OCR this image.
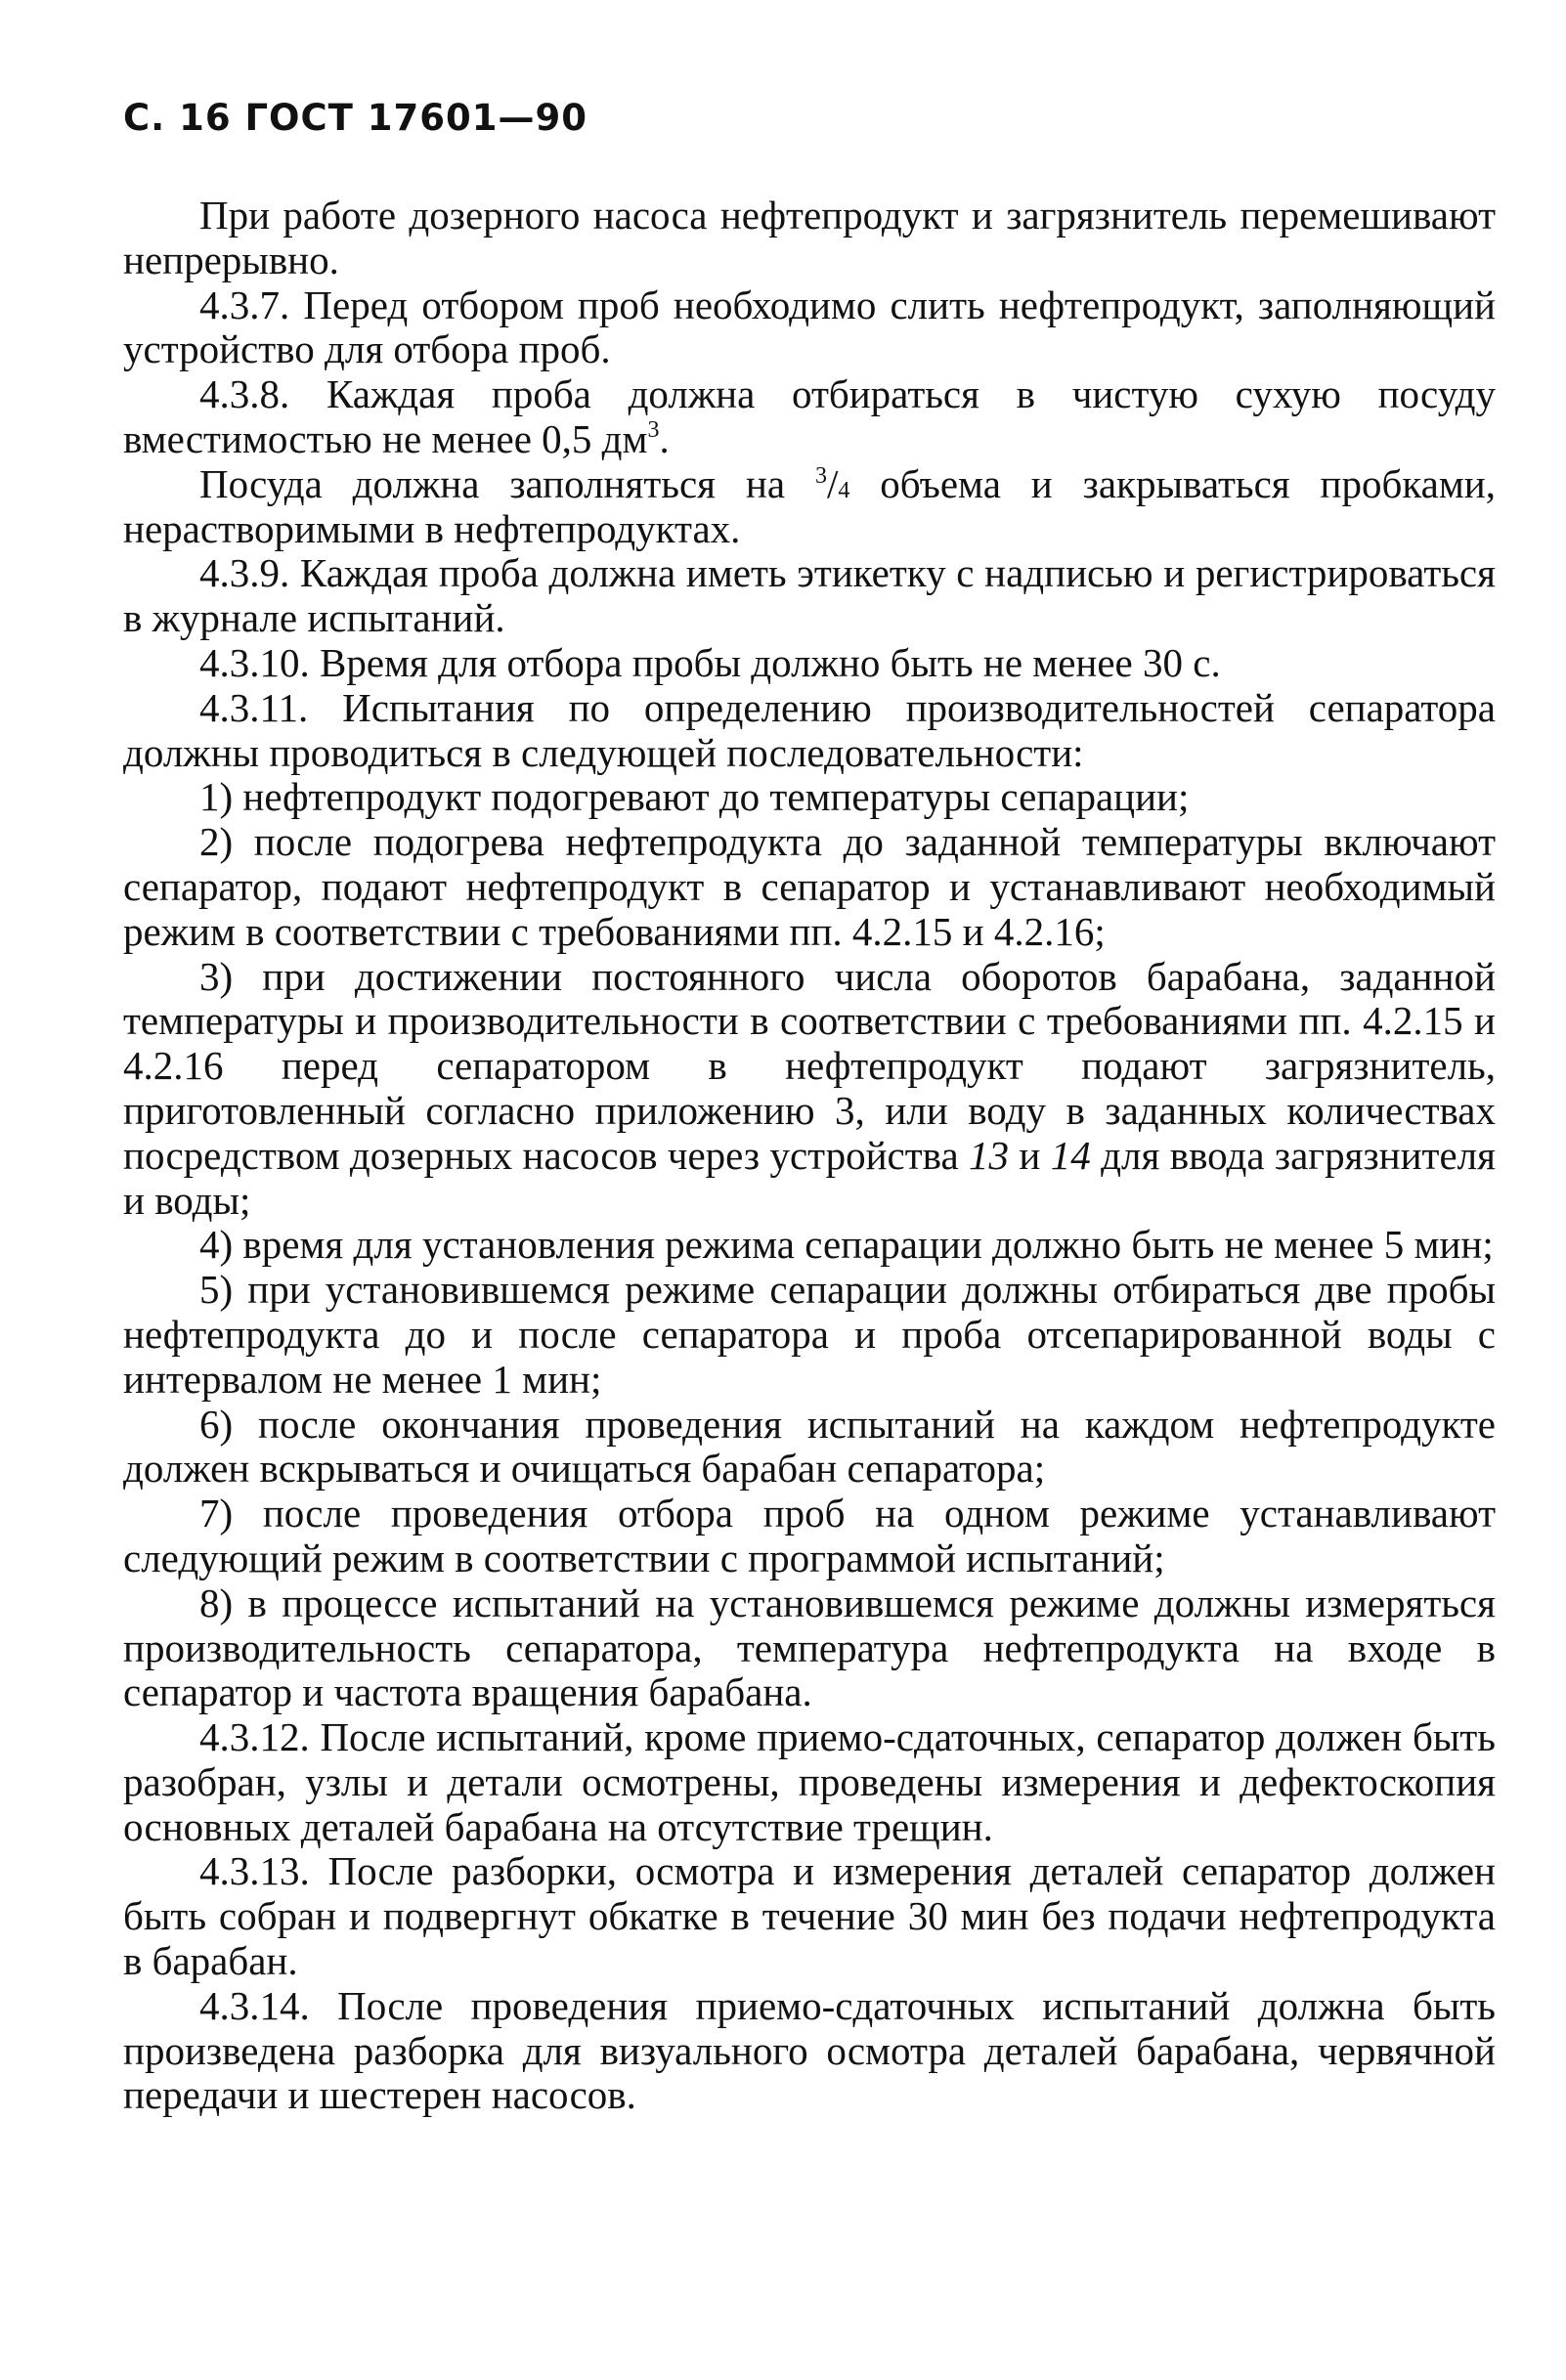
С. 16 ГОСТ 17601—90

При работе дозерного насоса нефтепродукт и загрязнитель перемешивают непрерывно.

4.3.7. Перед отбором проб необходимо слить нефтепродукт, заполняющий устройство для отбора проб.

4.3.8. Каждая проба должна отбираться в чистую сухую посуду вместимостью не менее 0,5 $дм^3$.

Посуда должна заполняться на $^3$/4 объема и закрываться пробками, нерастворимыми в нефтепродуктах.

4.3.9. Каждая проба должна иметь этикетку с надписью и регистрироваться в журнале испытаний.

4.3.10. Время для отбора пробы должно быть не менее 30 с.

4.3.11. Испытания по определению производительностей сепаратора должны проводиться в следующей последовательности:

1) нефтепродукт подогревают до температуры сепарации;

2) после подогрева нефтепродукта до заданной температуры включают сепаратор, подают нефтепродукт в сепаратор и устанавливают необходимый режим в соответствии с требованиями пп. 4.2.15 и 4.2.16;

3) при достижении постоянного числа оборотов барабана, заданной температуры и производительности в соответствии с требованиями пп. 4.2.15 и 4.2.16 перед сепаратором в нефтепродукт подают загрязнитель, приготовленный согласно приложению 3, или воду в заданных количествах посредством дозерных насосов через устройства 13 и 14 для ввода загрязнителя и воды;

4) время для установления режима сепарации должно быть не менее 5 мин;

5) при установившемся режиме сепарации должны отбираться две пробы нефтепродукта до и после сепаратора и проба отсепарированной воды с интервалом не менее 1 мин;

6) после окончания проведения испытаний на каждом нефтепродукте должен вскрываться и очищаться барабан сепаратора;

7) после проведения отбора проб на одном режиме устанавливают следующий режим в соответствии с программой испытаний;

8) в процессе испытаний на установившемся режиме должны измеряться производительность сепаратора, температура нефтепродукта на входе в сепаратор и частота вращения барабана.

4.3.12. После испытаний, кроме приемо-сдаточных, сепаратор должен быть разобран, узлы и детали осмотрены, проведены измерения и дефектоскопия основных деталей барабана на отсутствие трещин.

4.3.13. После разборки, осмотра и измерения деталей сепаратор должен быть собран и подвергнут обкатке в течение 30 мин без подачи нефтепродукта в барабан.

4.3.14. После проведения приемо-сдаточных испытаний должна быть произведена разборка для визуального осмотра деталей барабана, червячной передачи и шестерен насосов.
